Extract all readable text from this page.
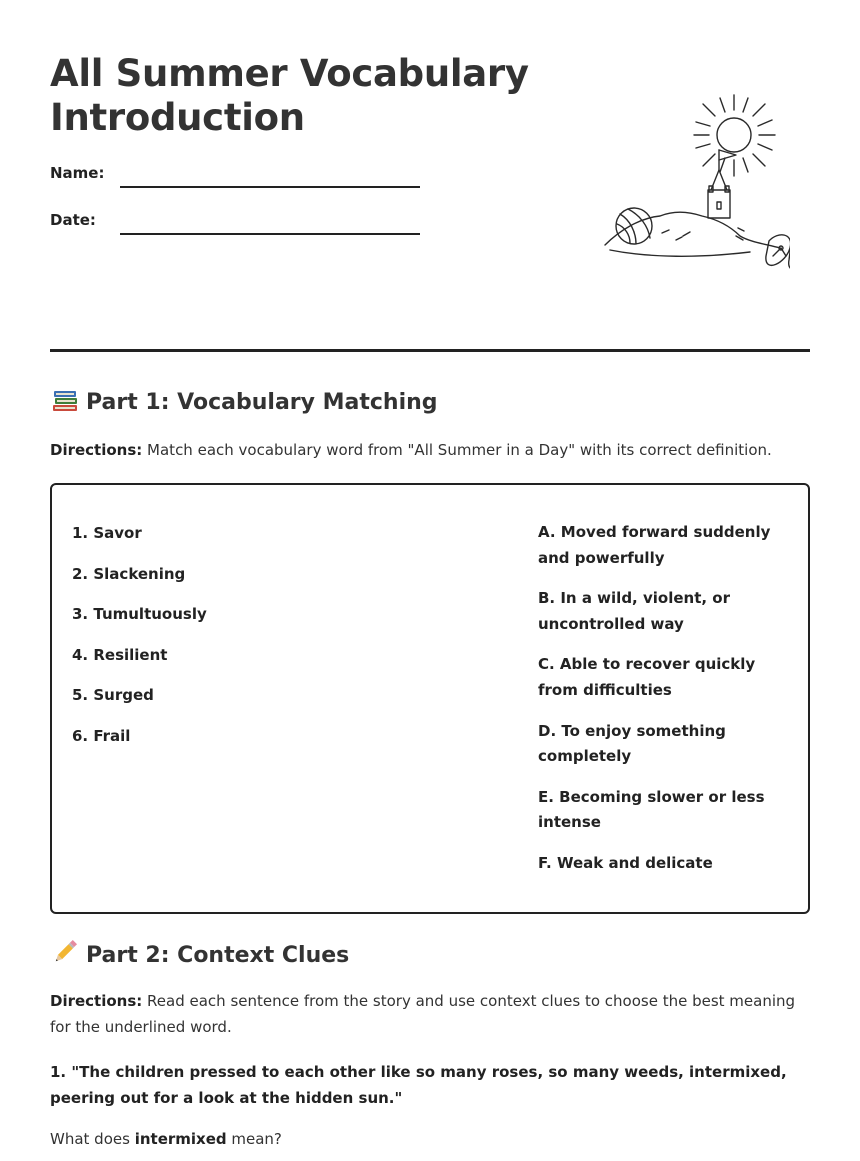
All Summer Vocabulary
Introduction
Name:
Date:
Part 1: Vocabulary Matching

Directions: Match each vocabulary word from "All Summer in a Day" with its correct definition.

1. Savor
2. Slackening
3. Tumultuously
4. Resilient
5. Surged
6. Frail
A. Moved forward suddenly and powerfully
B. In a wild, violent, or uncontrolled way
C. Able to recover quickly from difficulties
D. To enjoy something completely
E. Becoming slower or less intense
F. Weak and delicate
Part 2: Context Clues

Directions: Read each sentence from the story and use context clues to choose the best meaning for the underlined word.

1. "The children pressed to each other like so many roses, so many weeds, intermixed, peering out for a look at the hidden sun."

What does intermixed mean?
